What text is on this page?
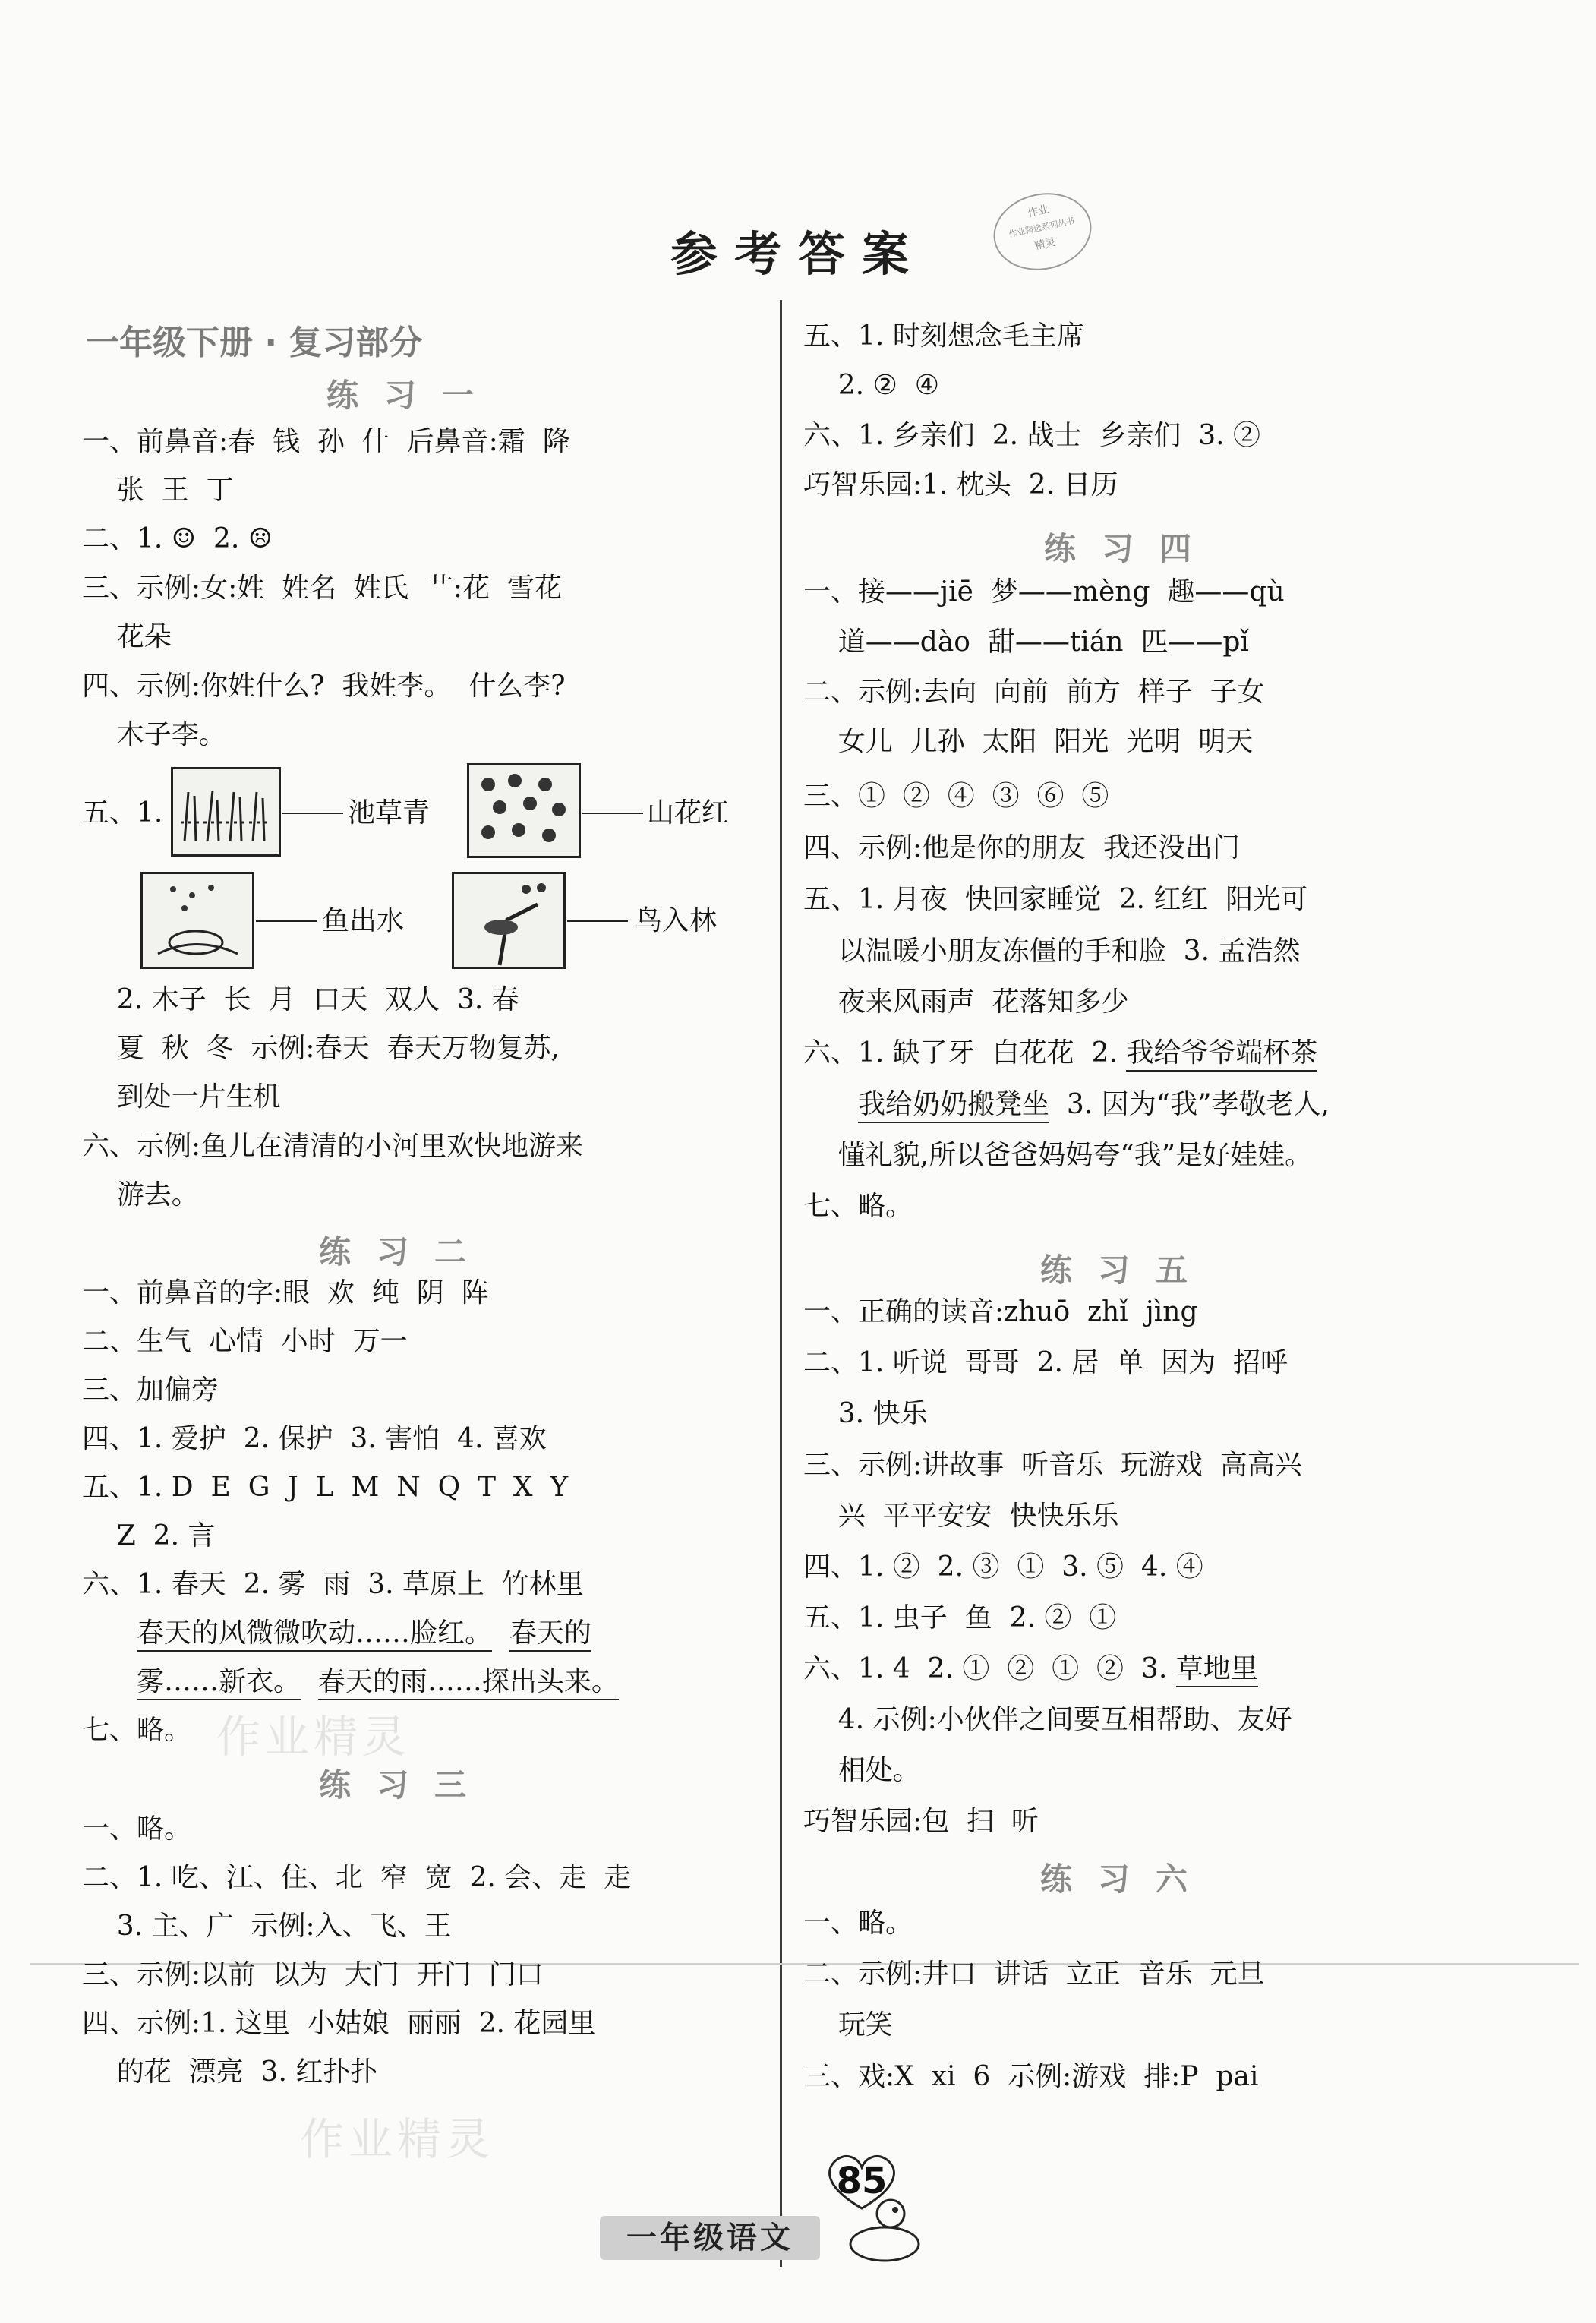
参考答案
作业
作业精选系列丛书
精灵
一年级下册 · 复习部分
练习一
一、前鼻音:春  钱  孙  什  后鼻音:霜  降
张  王  丁
二、1. ☺  2. ☹
三、示例:女:姓  姓名  姓氏  艹:花  雪花
花朵
四、示例:你姓什么?  我姓李。  什么李?
木子李。
五、1.	池草青	山花红
鱼出水	鸟入林
2. 木子  长  月  口天  双人  3. 春
夏  秋  冬  示例:春天  春天万物复苏,
到处一片生机
六、示例:鱼儿在清清的小河里欢快地游来
游去。
练习二
一、前鼻音的字:眼  欢  纯  阴  阵
二、生气  心情  小时  万一
三、加偏旁
四、1. 爱护  2. 保护  3. 害怕  4. 喜欢
五、1. D  E  G  J  L  M  N  Q  T  X  Y
Z  2. 言
六、1. 春天  2. 雾  雨  3. 草原上  竹林里
春天的风微微吹动……脸红。 春天的
雾……新衣。 春天的雨……探出头来。
七、略。
练习三
一、略。
二、1. 吃、江、住、北  窄  宽  2. 会、走  走
3. 主、广  示例:入、飞、王
三、示例:以前  以为  大门  开门  门口
四、示例:1. 这里  小姑娘  丽丽  2. 花园里
的花  漂亮  3. 红扑扑
五、1. 时刻想念毛主席
2. ②  ④
六、1. 乡亲们  2. 战士  乡亲们  3. ②
巧智乐园:1. 枕头  2. 日历
练习四
一、接——jiē  梦——mèng  趣——qù
道——dào  甜——tián  匹——pǐ
二、示例:去向  向前  前方  样子  子女
女儿  儿孙  太阳  阳光  光明  明天
三、①  ②  ④  ③  ⑥  ⑤
四、示例:他是你的朋友  我还没出门
五、1. 月夜  快回家睡觉  2. 红红  阳光可
以温暖小朋友冻僵的手和脸  3. 孟浩然
夜来风雨声  花落知多少
六、1. 缺了牙  白花花  2. 我给爷爷端杯茶
我给奶奶搬凳坐  3. 因为“我”孝敬老人,
懂礼貌,所以爸爸妈妈夸“我”是好娃娃。
七、略。
练习五
一、正确的读音:zhuō  zhǐ  jìng
二、1. 听说  哥哥  2. 居  单  因为  招呼
3. 快乐
三、示例:讲故事  听音乐  玩游戏  高高兴
兴  平平安安  快快乐乐
四、1. ②  2. ③  ①  3. ⑤  4. ④
五、1. 虫子  鱼  2. ②  ①
六、1. 4  2. ①  ②  ①  ②  3. 草地里
4. 示例:小伙伴之间要互相帮助、友好
相处。
巧智乐园:包  扫  听
练习六
一、略。
二、示例:井口  讲话  立正  音乐  元旦
玩笑
三、戏:X  xi  6  示例:游戏  排:P  pai
作业精灵
作业精灵
85
一年级语文
